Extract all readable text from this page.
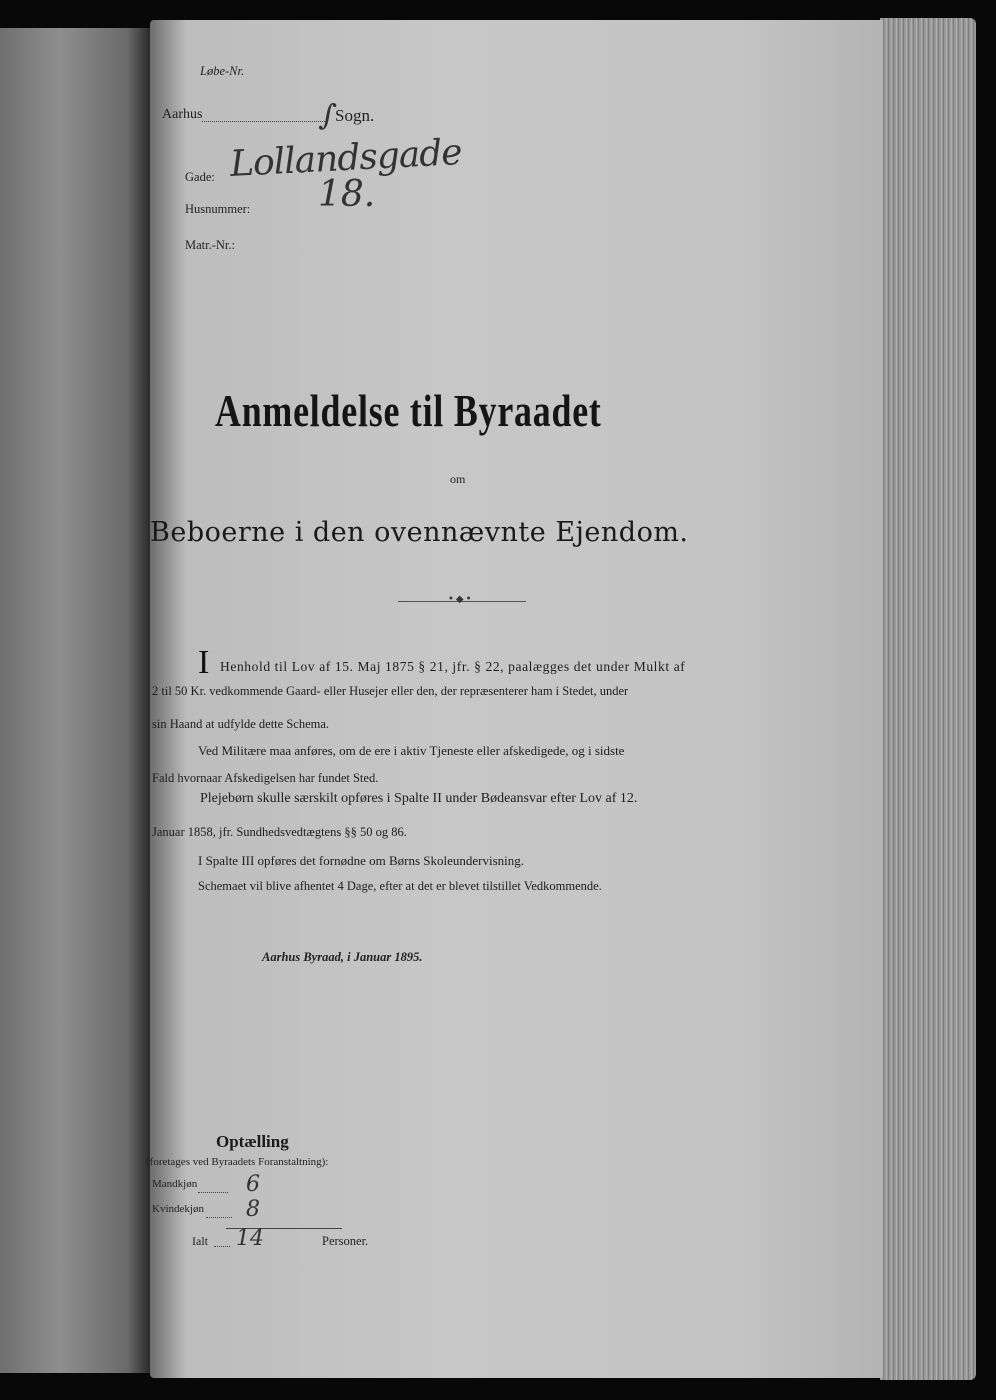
Løbe-Nr.
Aarhus	∫
Sogn.
Gade: Lollandsgade
Husnummer: 18.
Matr.-Nr.:
Anmeldelse til Byraadet
om
Beboerne i den ovennævnte Ejendom.
•◆•
I Henhold til Lov af 15. Maj 1875 § 21, jfr. § 22, paalægges det under Mulkt af
2 til 50 Kr. vedkommende Gaard- eller Husejer eller den, der repræsenterer ham i Stedet, under
sin Haand at udfylde dette Schema.
Ved Militære maa anføres, om de ere i aktiv Tjeneste eller afskedigede, og i sidste
Fald hvornaar Afskedigelsen har fundet Sted.
Plejebørn skulle særskilt opføres i Spalte II under Bødeansvar efter Lov af 12.
Januar 1858, jfr. Sundhedsvedtægtens §§ 50 og 86.
I Spalte III opføres det fornødne om Børns Skoleundervisning.
Schemaet vil blive afhentet 4 Dage, efter at det er blevet tilstillet Vedkommende.
Aarhus Byraad, i Januar 1895.
Optælling
(foretages ved Byraadets Foranstaltning):
Mandkjøn 6
Kvindekjøn 8
Ialt 14	Personer.
